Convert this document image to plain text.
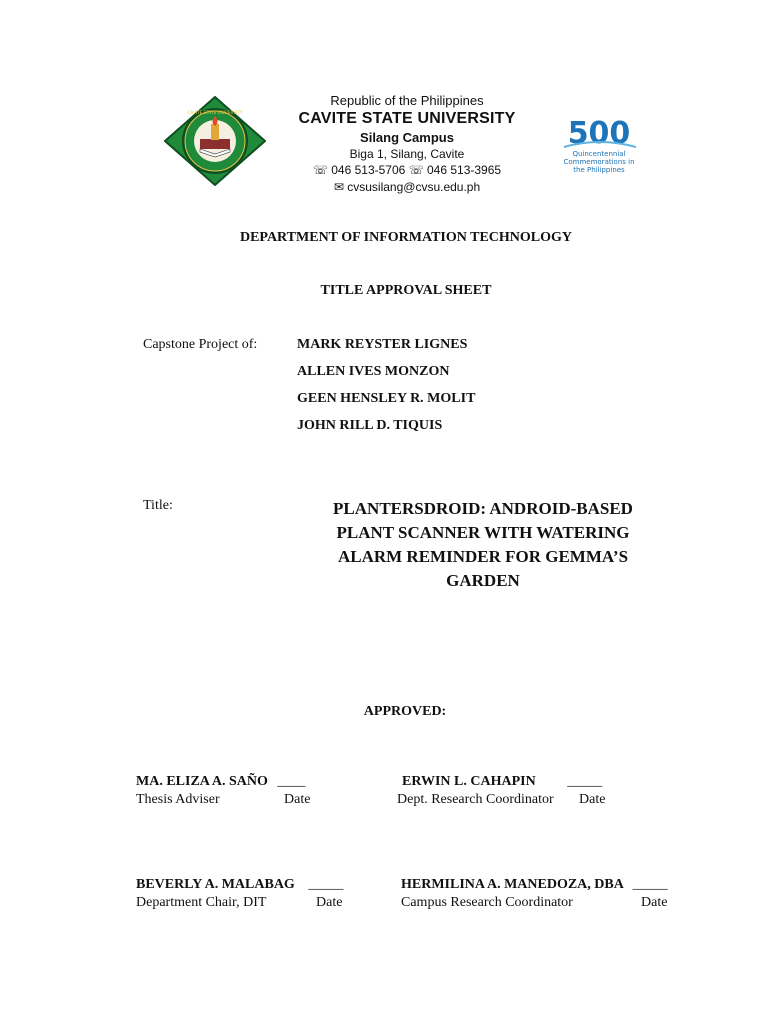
CAVITE STATE UNIVERSITY
Republic of the Philippines
CAVITE STATE UNIVERSITY
Silang Campus
Biga 1, Silang, Cavite
☏ 046 513-5706 ☏ 046 513-3965
✉ cvsusilang@cvsu.edu.ph
500
Quincentennial Commemorations in the Philippines
DEPARTMENT OF INFORMATION TECHNOLOGY
TITLE APPROVAL SHEET
Capstone Project of:	MARK REYSTER LIGNES
ALLEN IVES MONZON
GEEN HENSLEY R. MOLIT
JOHN RILL D. TIQUIS
Title:	PLANTERSDROID: ANDROID-BASED
PLANT SCANNER WITH WATERING
ALARM REMINDER FOR GEMMA’S
GARDEN
APPROVED:
MA. ELIZA A. SAÑO ____
Thesis Adviser	Date
ERWIN L. CAHAPIN _____
Dept. Research Coordinator Date
BEVERLY A. MALABAG _____
Department Chair, DIT	Date
HERMILINA A. MANEDOZA, DBA _____
Campus Research Coordinator	Date
